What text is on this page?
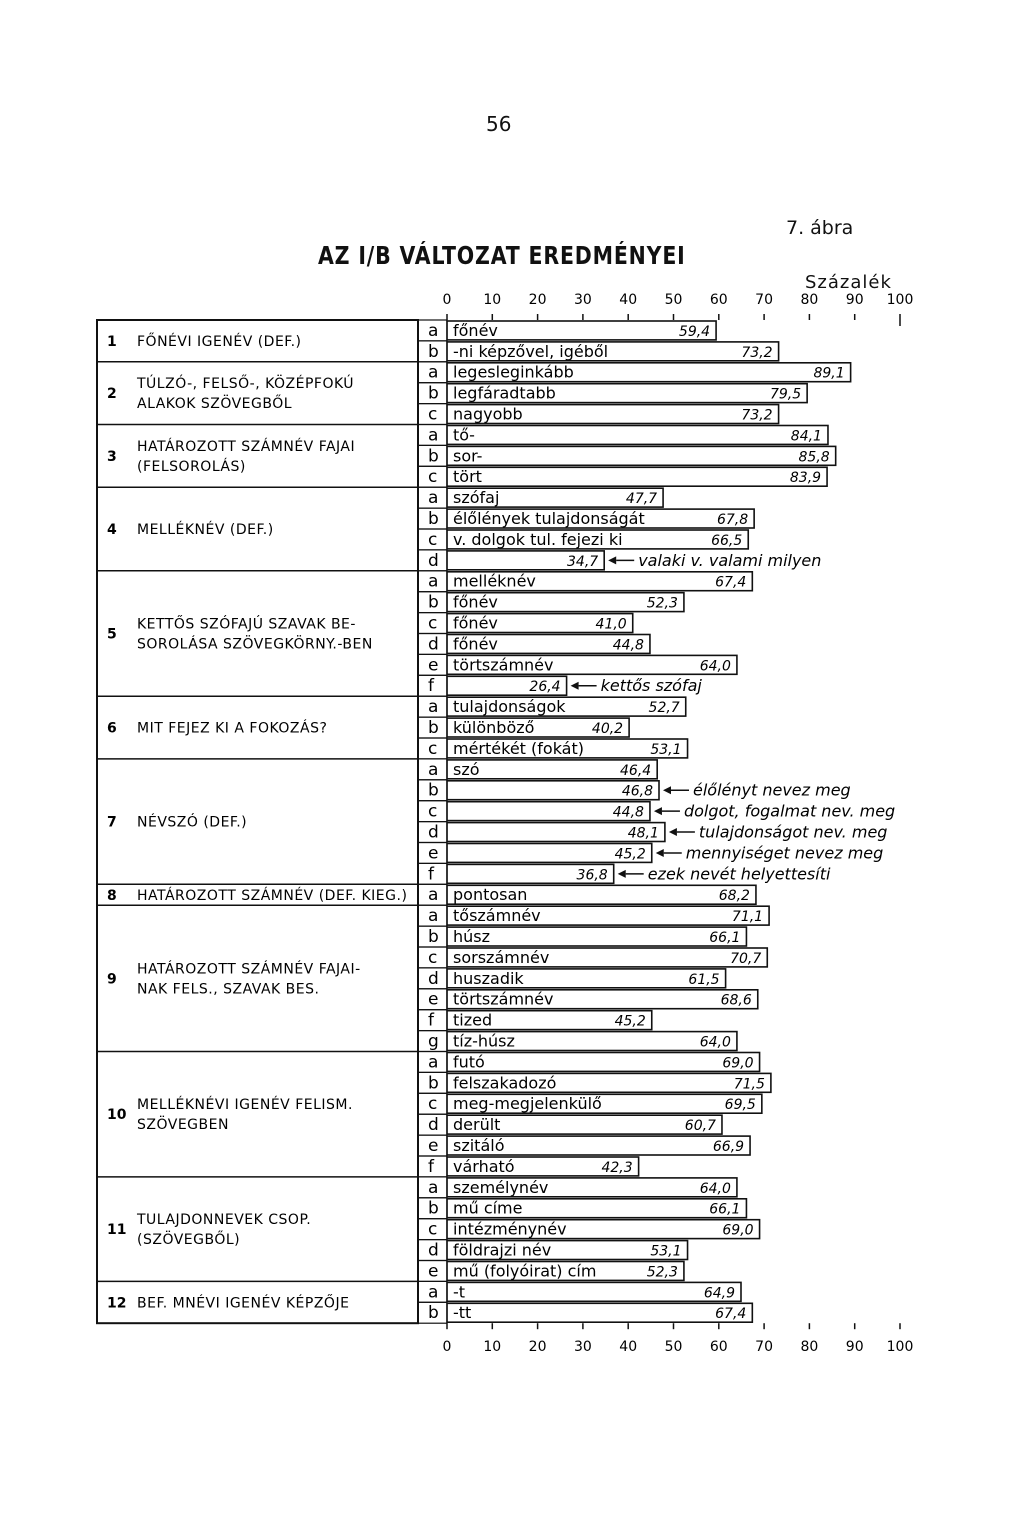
56
7. ábra
AZ I/B VÁLTOZAT EREDMÉNYEI
Százalék
0 10 20 30 40 50 60 70 80 90 100
0 10 20 30 40 50 60 70 80 90 100
1 FŐNÉVI IGENÉV (DEF.)
a főnév	59,4
b -ni képzővel, igéből	73,2
2
TÚLZÓ-, FELSŐ-, KÖZÉPFOKÚ
ALAKOK SZÖVEGBŐL
a legesleginkább	89,1
b legfáradtabb	79,5
c nagyobb	73,2
3
HATÁROZOTT SZÁMNÉV FAJAI
(FELSOROLÁS)
a tő-	84,1
b sor-	85,8
c tört	83,9
4 MELLÉKNÉV (DEF.)
a szófaj	47,7
b élőlények tulajdonságát	67,8
c v. dolgok tul. fejezi ki	66,5
d	34,7	valaki v. valami milyen
5
KETTŐS SZÓFAJÚ SZAVAK BE-
SOROLÁSA SZÖVEGKÖRNY.-BEN
a melléknév	67,4
b főnév	52,3
c főnév	41,0
d főnév	44,8
e törtszámnév	64,0
f	26,4	kettős szófaj
6 MIT FEJEZ KI A FOKOZÁS?
a tulajdonságok	52,7
b különböző	40,2
c mértékét (fokát)	53,1
7 NÉVSZÓ (DEF.)
a szó	46,4
b	46,8	élőlényt nevez meg
c	44,8	dolgot, fogalmat nev. meg
d	48,1	tulajdonságot nev. meg
e	45,2	mennyiséget nevez meg
f	36,8	ezek nevét helyettesíti
8 HATÁROZOTT SZÁMNÉV (DEF. KIEG.) a pontosan	68,2
9
HATÁROZOTT SZÁMNÉV FAJAI-
NAK FELS., SZAVAK BES.
a tőszámnév	71,1
b húsz	66,1
c sorszámnév	70,7
d huszadik	61,5
e törtszámnév	68,6
f tized	45,2
g tíz-húsz	64,0
10
MELLÉKNÉVI IGENÉV FELISM.
SZÖVEGBEN
a futó	69,0
b felszakadozó	71,5
c meg-megjelenkülő	69,5
d derült	60,7
e szitáló	66,9
f várható	42,3
11
TULAJDONNEVEK CSOP.
(SZÖVEGBŐL)
a személynév	64,0
b mű címe	66,1
c intézménynév	69,0
d földrajzi név	53,1
e mű (folyóirat) cím	52,3
12 BEF. MNÉVI IGENÉV KÉPZŐJE
a -t	64,9
b -tt	67,4
